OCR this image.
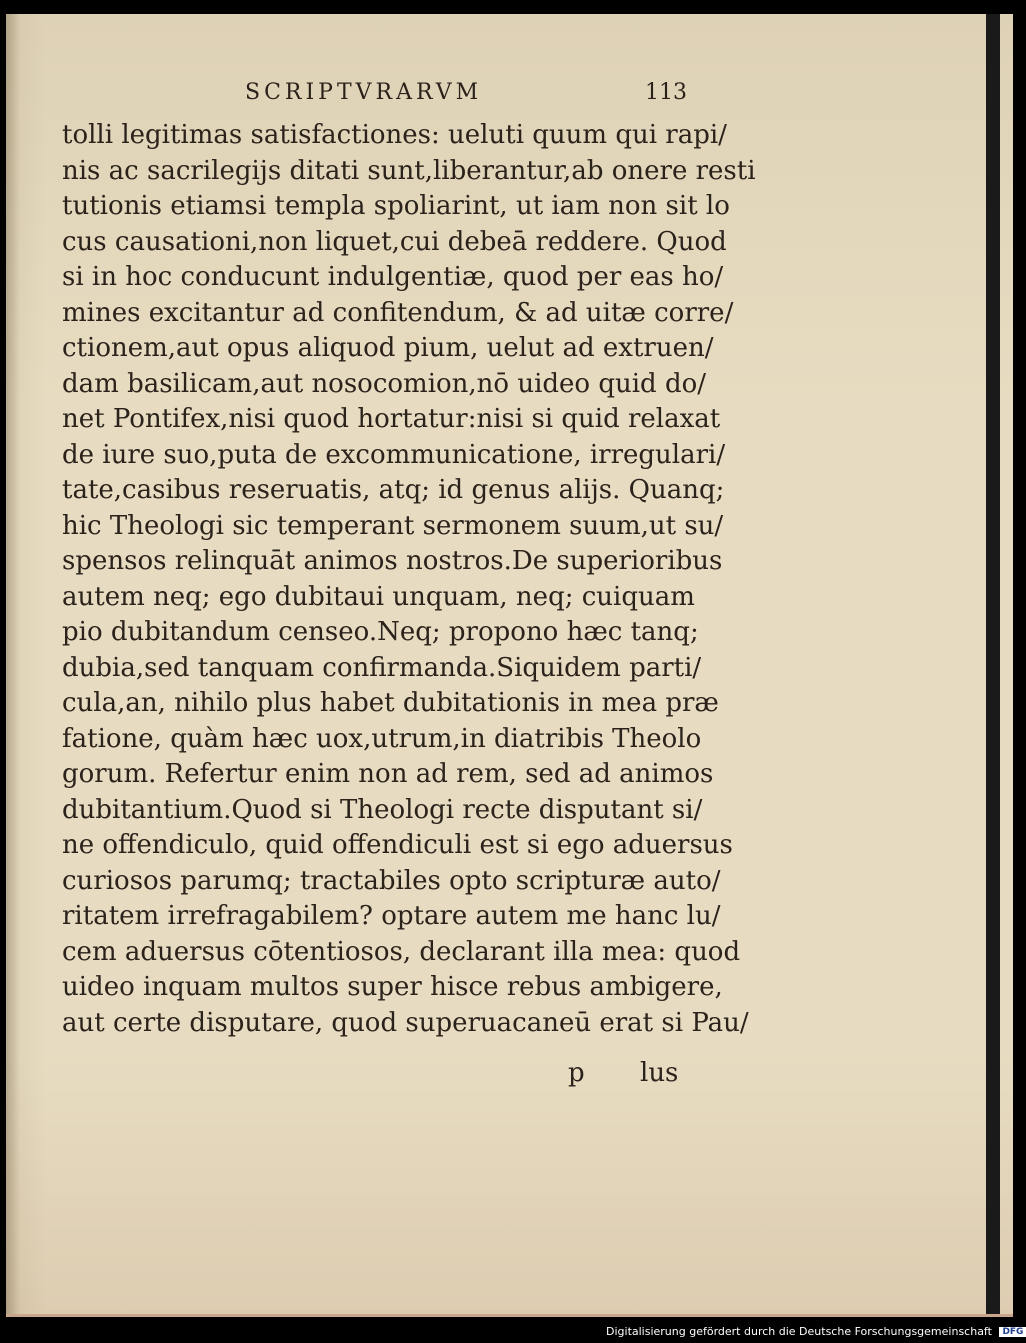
SCRIPTVRARVM	113
tolli legitimas satisfactiones: ueluti quum qui rapi/
nis ac sacrilegijs ditati sunt,liberantur,ab onere resti
tutionis etiamsi templa spoliarint, ut iam non sit lo
cus causationi,non liquet,cui debeā reddere. Quod
si in hoc conducunt indulgentiæ, quod per eas ho/
mines excitantur ad confitendum, & ad uitæ corre/
ctionem,aut opus aliquod pium, uelut ad extruen/
dam basilicam,aut nosocomion,nō uideo quid do/
net Pontifex,nisi quod hortatur:nisi si quid relaxat
de iure suo,puta de excommunicatione, irregulari/
tate,casibus reseruatis, atq; id genus alijs. Quanq;
hic Theologi sic temperant sermonem suum,ut su/
spensos relinquāt animos nostros.De superioribus
autem neq; ego dubitaui unquam, neq; cuiquam
pio dubitandum censeo.Neq; propono hæc tanq;
dubia,sed tanquam confirmanda.Siquidem parti/
cula,an, nihilo plus habet dubitationis in mea præ
fatione, quàm hæc uox,utrum,in diatribis Theolo
gorum. Refertur enim non ad rem, sed ad animos
dubitantium.Quod si Theologi recte disputant si/
ne offendiculo, quid offendiculi est si ego aduersus
curiosos parumq; tractabiles opto scripturæ auto/
ritatem irrefragabilem? optare autem me hanc lu/
cem aduersus cōtentiosos, declarant illa mea: quod
uideo inquam multos super hisce rebus ambigere,
aut certe disputare, quod superuacaneū erat si Pau/
p lus
Digitalisierung gefördert durch die Deutsche Forschungsgemeinschaft DFG
